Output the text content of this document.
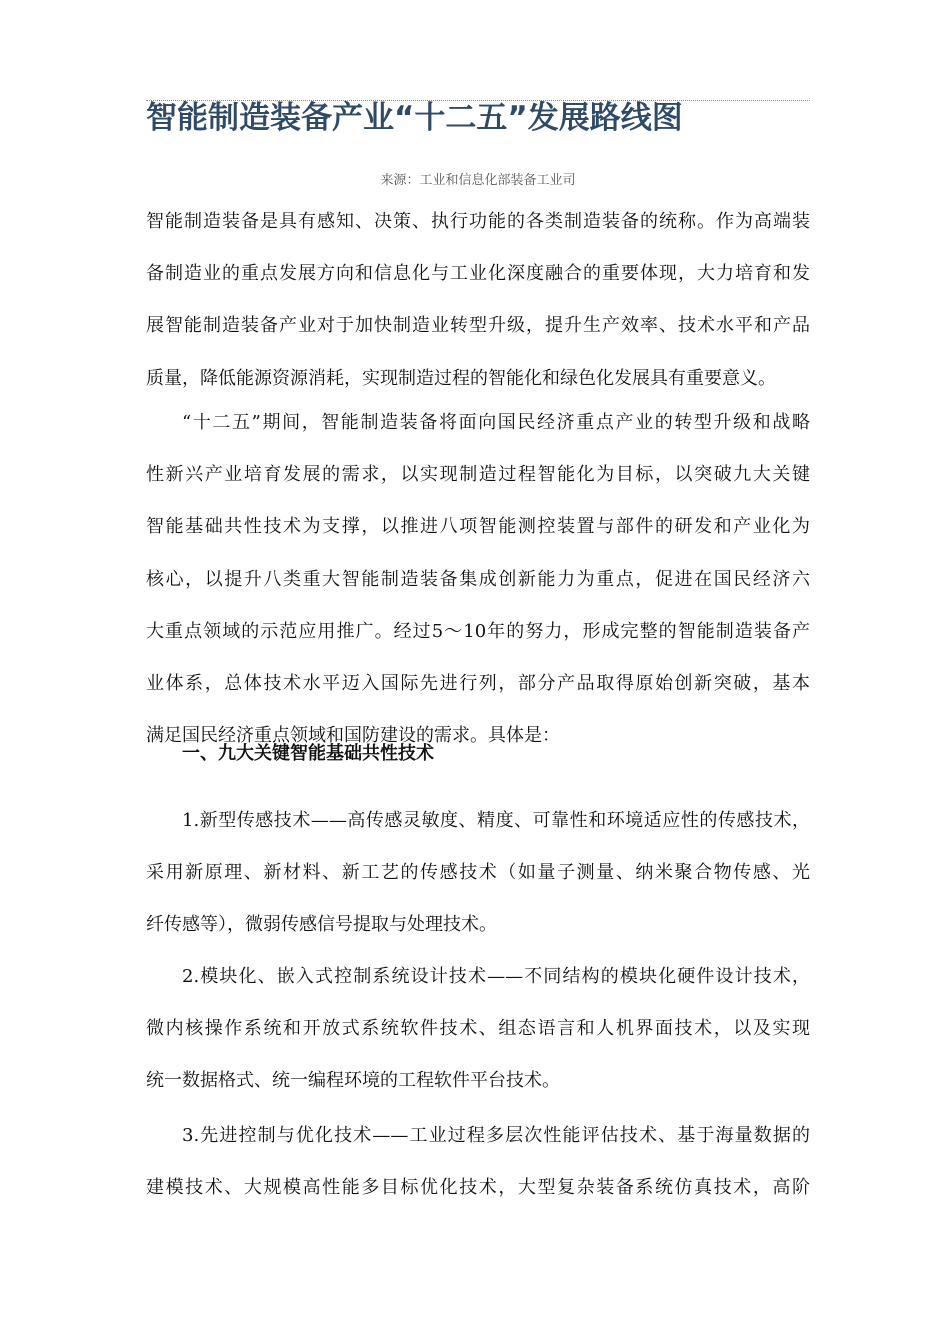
智能制造装备产业“十二五”发展路线图
来源：工业和信息化部装备工业司
智能制造装备是具有感知、决策、执行功能的各类制造装备的统称。作为高端装
备制造业的重点发展方向和信息化与工业化深度融合的重要体现，大力培育和发
展智能制造装备产业对于加快制造业转型升级，提升生产效率、技术水平和产品
质量，降低能源资源消耗，实现制造过程的智能化和绿色化发展具有重要意义。
“十二五”期间，智能制造装备将面向国民经济重点产业的转型升级和战略
性新兴产业培育发展的需求，以实现制造过程智能化为目标，以突破九大关键
智能基础共性技术为支撑，以推进八项智能测控装置与部件的研发和产业化为
核心，以提升八类重大智能制造装备集成创新能力为重点，促进在国民经济六
大重点领域的示范应用推广。经过5～10年的努力，形成完整的智能制造装备产
业体系，总体技术水平迈入国际先进行列，部分产品取得原始创新突破，基本
满足国民经济重点领域和国防建设的需求。具体是：
一、九大关键智能基础共性技术
1.新型传感技术——高传感灵敏度、精度、可靠性和环境适应性的传感技术，
采用新原理、新材料、新工艺的传感技术（如量子测量、纳米聚合物传感、光
纤传感等），微弱传感信号提取与处理技术。
2.模块化、嵌入式控制系统设计技术——不同结构的模块化硬件设计技术，
微内核操作系统和开放式系统软件技术、组态语言和人机界面技术，以及实现
统一数据格式、统一编程环境的工程软件平台技术。
3.先进控制与优化技术——工业过程多层次性能评估技术、基于海量数据的
建模技术、大规模高性能多目标优化技术，大型复杂装备系统仿真技术，高阶
